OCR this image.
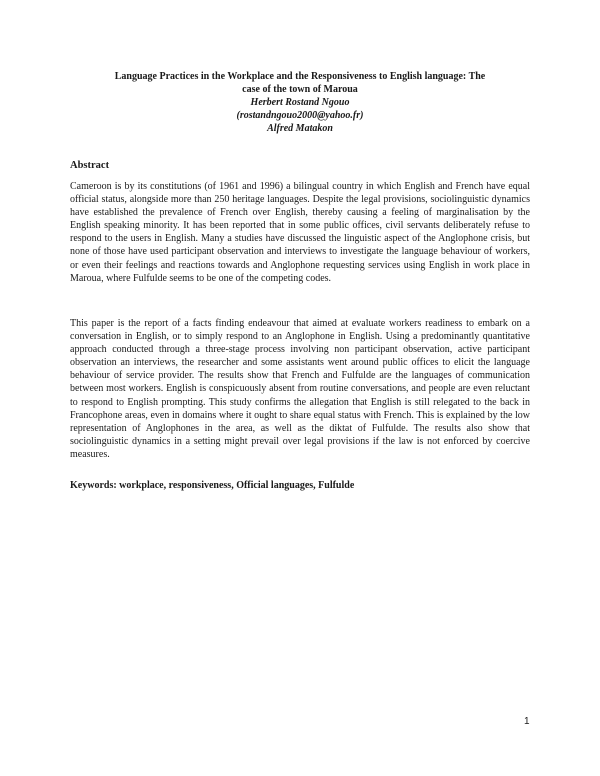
Language Practices in the Workplace and the Responsiveness to English language: The
case of the town of Maroua
Herbert Rostand Ngouo
(rostandngouo2000@yahoo.fr)
Alfred Matakon
Abstract

Cameroon is by its constitutions (of 1961 and 1996) a bilingual country in which English and French have equal official status, alongside more than 250 heritage languages. Despite the legal provisions, sociolinguistic dynamics have established the prevalence of French over English, thereby causing a feeling of marginalisation by the English speaking minority. It has been reported that in some public offices, civil servants deliberately refuse to respond to the users in English. Many a studies have discussed the linguistic aspect of the Anglophone crisis, but none of those have used participant observation and interviews to investigate the language behaviour of workers, or even their feelings and reactions towards and Anglophone requesting services using English in work place in Maroua, where Fulfulde seems to be one of the competing codes.

This paper is the report of a facts finding endeavour that aimed at evaluate workers readiness to embark on a conversation in English, or to simply respond to an Anglophone in English. Using a predominantly quantitative approach conducted through a three-stage process involving non participant observation, active participant observation an interviews, the researcher and some assistants went around public offices to elicit the language behaviour of service provider. The results show that French and Fulfulde are the languages of communication between most workers. English is conspicuously absent from routine conversations, and people are even reluctant to respond to English prompting. This study confirms the allegation that English is still relegated to the back in Francophone areas, even in domains where it ought to share equal status with French. This is explained by the low representation of Anglophones in the area, as well as the diktat of Fulfulde. The results also show that sociolinguistic dynamics in a setting might prevail over legal provisions if the law is not enforced by coercive measures.

Keywords: workplace, responsiveness, Official languages, Fulfulde
1
